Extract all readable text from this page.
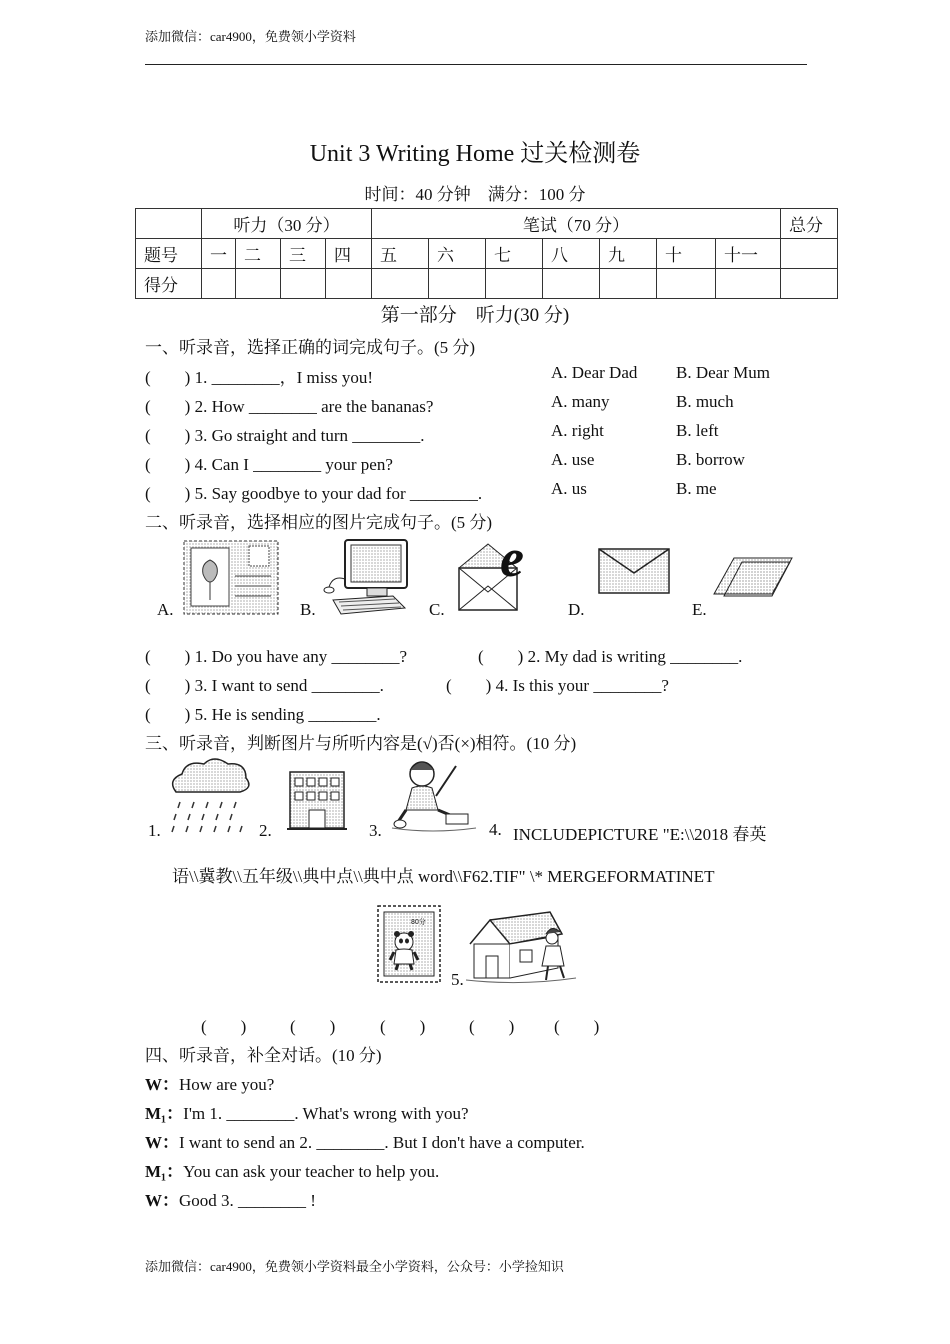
添加微信：car4900，免费领小学资料
Unit 3 Writing Home 过关检测卷
时间：40 分钟　满分：100 分
	听力（30 分）				笔试（70 分）							总分
题号	一	二	三	四	五	六	七	八	九	十	十一	
得分												
第一部分　听力(30 分)
一、听录音，选择正确的词完成句子。(5 分)
(　　) 1. ________，I miss you!	A. Dear Dad B. Dear Mum
(　　) 2. How ________ are the bananas?	A. many	B. much
(　　) 3. Go straight and turn ________.	A. right	B. left
(　　) 4. Can I ________ your pen?	A. use	B. borrow
(　　) 5. Say goodbye to your dad for ________.	A. us	B. me
二、听录音，选择相应的图片完成句子。(5 分)
A.	B.
e
C.	D.	E.
(　　) 1. Do you have any ________?	(　　) 2. My dad is writing ________.
(　　) 3. I want to send ________.	(　　) 4. Is this your ________?
(　　) 5. He is sending ________.
三、听录音，判断图片与所听内容是(√)否(×)相符。(10 分)
1.	2.	3.	4. INCLUDEPICTURE "E:\\2018 春英
语\\冀教\\五年级\\典中点\\典中点 word\\F62.TIF" \* MERGEFORMATINET
80分
5.
(　　)	(　　)	(　　)	(　　) (　　)
四、听录音，补全对话。(10 分)
W：How are you?
M₁：I'm 1. ________. What's wrong with you?
W：I want to send an 2. ________. But I don't have a computer.
M₁：You can ask your teacher to help you.
W：Good 3. ________ !
添加微信：car4900，免费领小学资料最全小学资料，公众号：小学捡知识
